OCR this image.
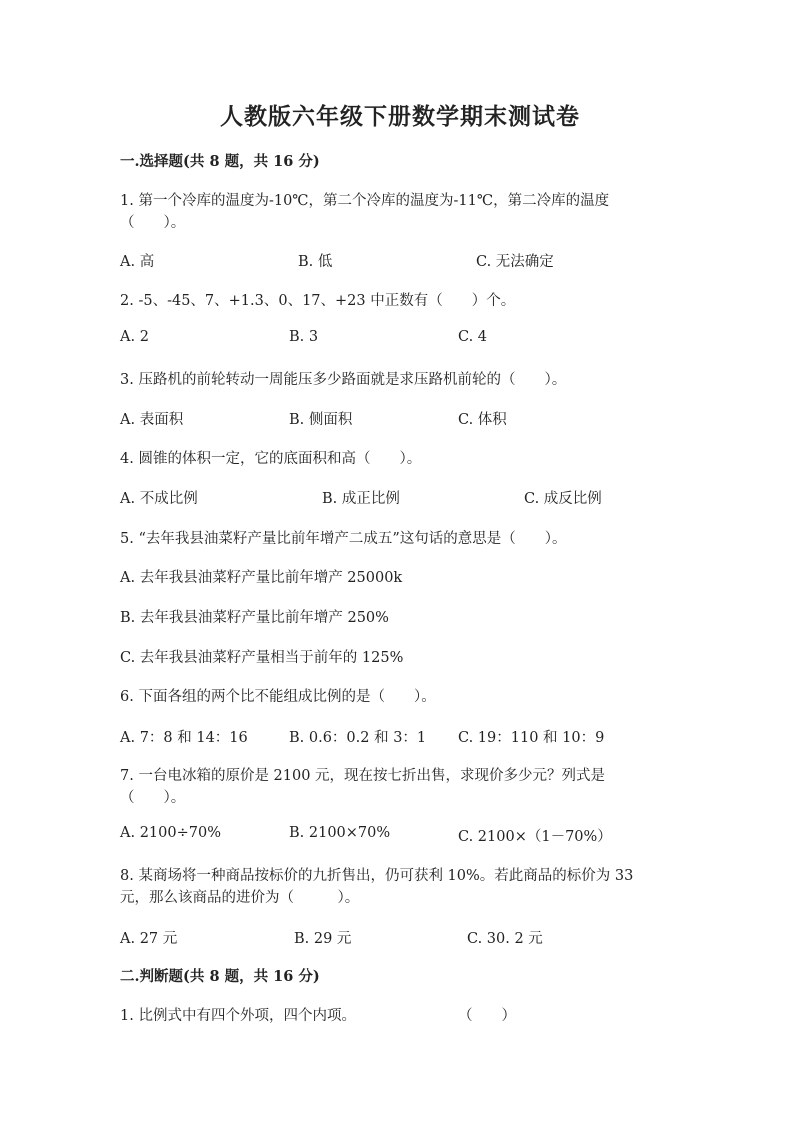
人教版六年级下册数学期末测试卷
一.选择题(共 8 题，共 16 分)
1. 第一个冷库的温度为-10℃，第二个冷库的温度为-11℃，第二冷库的温度
（　　）。
A. 高	B. 低	C. 无法确定
2. -5、-45、7、+1.3、0、17、+23 中正数有（　　）个。
A. 2	B. 3	C. 4
3. 压路机的前轮转动一周能压多少路面就是求压路机前轮的（　　）。
A. 表面积	B. 侧面积	C. 体积
4. 圆锥的体积一定，它的底面积和高（　　）。
A. 不成比例	B. 成正比例	C. 成反比例
5. “去年我县油菜籽产量比前年增产二成五”这句话的意思是（　　）。
A. 去年我县油菜籽产量比前年增产 25000k
B. 去年我县油菜籽产量比前年增产 250%
C. 去年我县油菜籽产量相当于前年的 125%
6. 下面各组的两个比不能组成比例的是（　　）。
A. 7：8 和 14：16	B. 0.6：0.2 和 3：1 C. 19：110 和 10：9
7. 一台电冰箱的原价是 2100 元，现在按七折出售，求现价多少元？列式是
（　　）。
A. 2100÷70%	B. 2100×70%	C. 2100×（1－70%）
8. 某商场将一种商品按标价的九折售出，仍可获利 10%。若此商品的标价为 33
元，那么该商品的进价为（　　　）。
A. 27 元	B. 29 元	C. 30. 2 元
二.判断题(共 8 题，共 16 分)
1. 比例式中有四个外项，四个内项。	（　　）
